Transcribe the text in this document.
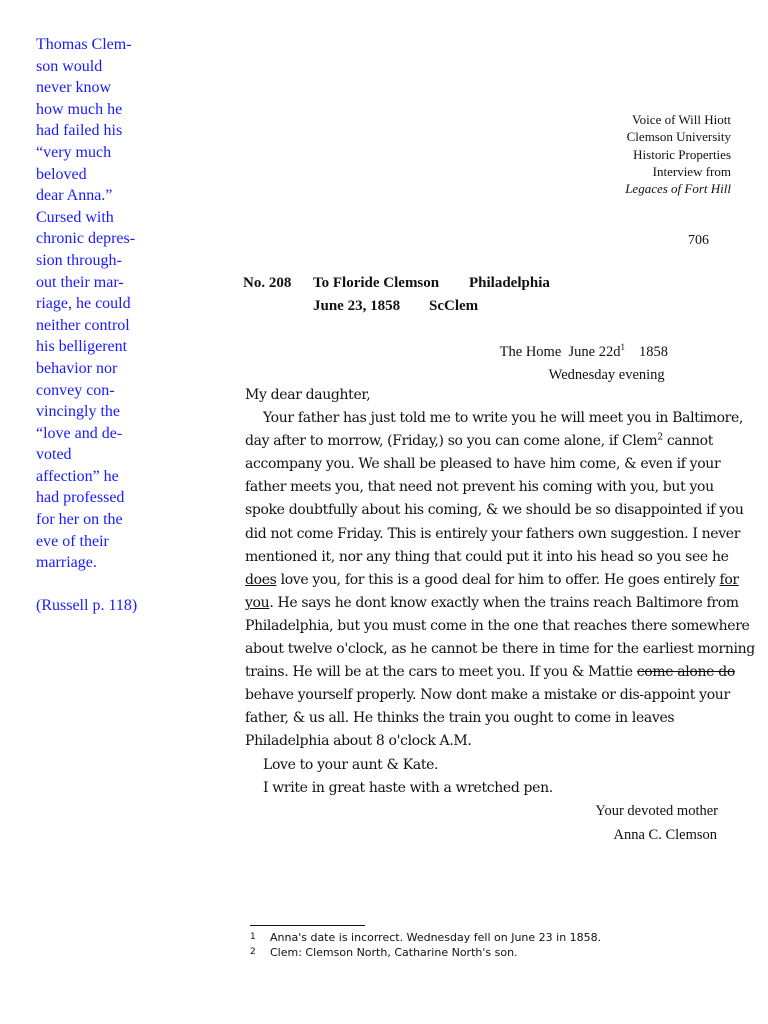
Thomas Clem-
son would
never know
how much he
had failed his
“very much
beloved
dear Anna.”
Cursed with
chronic depres-
sion through-
out their mar-
riage, he could
neither control
his belligerent
behavior nor
convey con-
vincingly the
“love and de-
voted
affection” he
had professed
for her on the
eve of their
marriage.
(Russell p. 118)
Voice of Will Hiott
Clemson University
Historic Properties
Interview from
Legaces of Fort Hill
706
No. 208 To Floride Clemson Philadelphia
June 23, 1858 ScClem
The Home June $22d^1$ 1858
Wednesday evening
My dear daughter,
Your father has just told me to write you he will meet you in Baltimore,
day after to morrow, (Friday,) so you can come alone, if Clem$^2$ cannot
accompany you. We shall be pleased to have him come, & even if your
father meets you, that need not prevent his coming with you, but you
spoke doubtfully about his coming, & we should be so disappointed if you
did not come Friday. This is entirely your fathers own suggestion. I never
mentioned it, nor any thing that could put it into his head so you see he
does love you, for this is a good deal for him to offer. He goes entirely for
you. He says he dont know exactly when the trains reach Baltimore from
Philadelphia, but you must come in the one that reaches there somewhere
about twelve o'clock, as he cannot be there in time for the earliest morning
trains. He will be at the cars to meet you. If you & Mattie come alone do
behave yourself properly. Now dont make a mistake or dis-appoint your
father, & us all. He thinks the train you ought to come in leaves
Philadelphia about 8 o'clock A.M.
Love to your aunt & Kate.
I write in great haste with a wretched pen.
Your devoted mother
Anna C. Clemson
1 Anna's date is incorrect. Wednesday fell on June 23 in 1858.
2 Clem: Clemson North, Catharine North's son.
